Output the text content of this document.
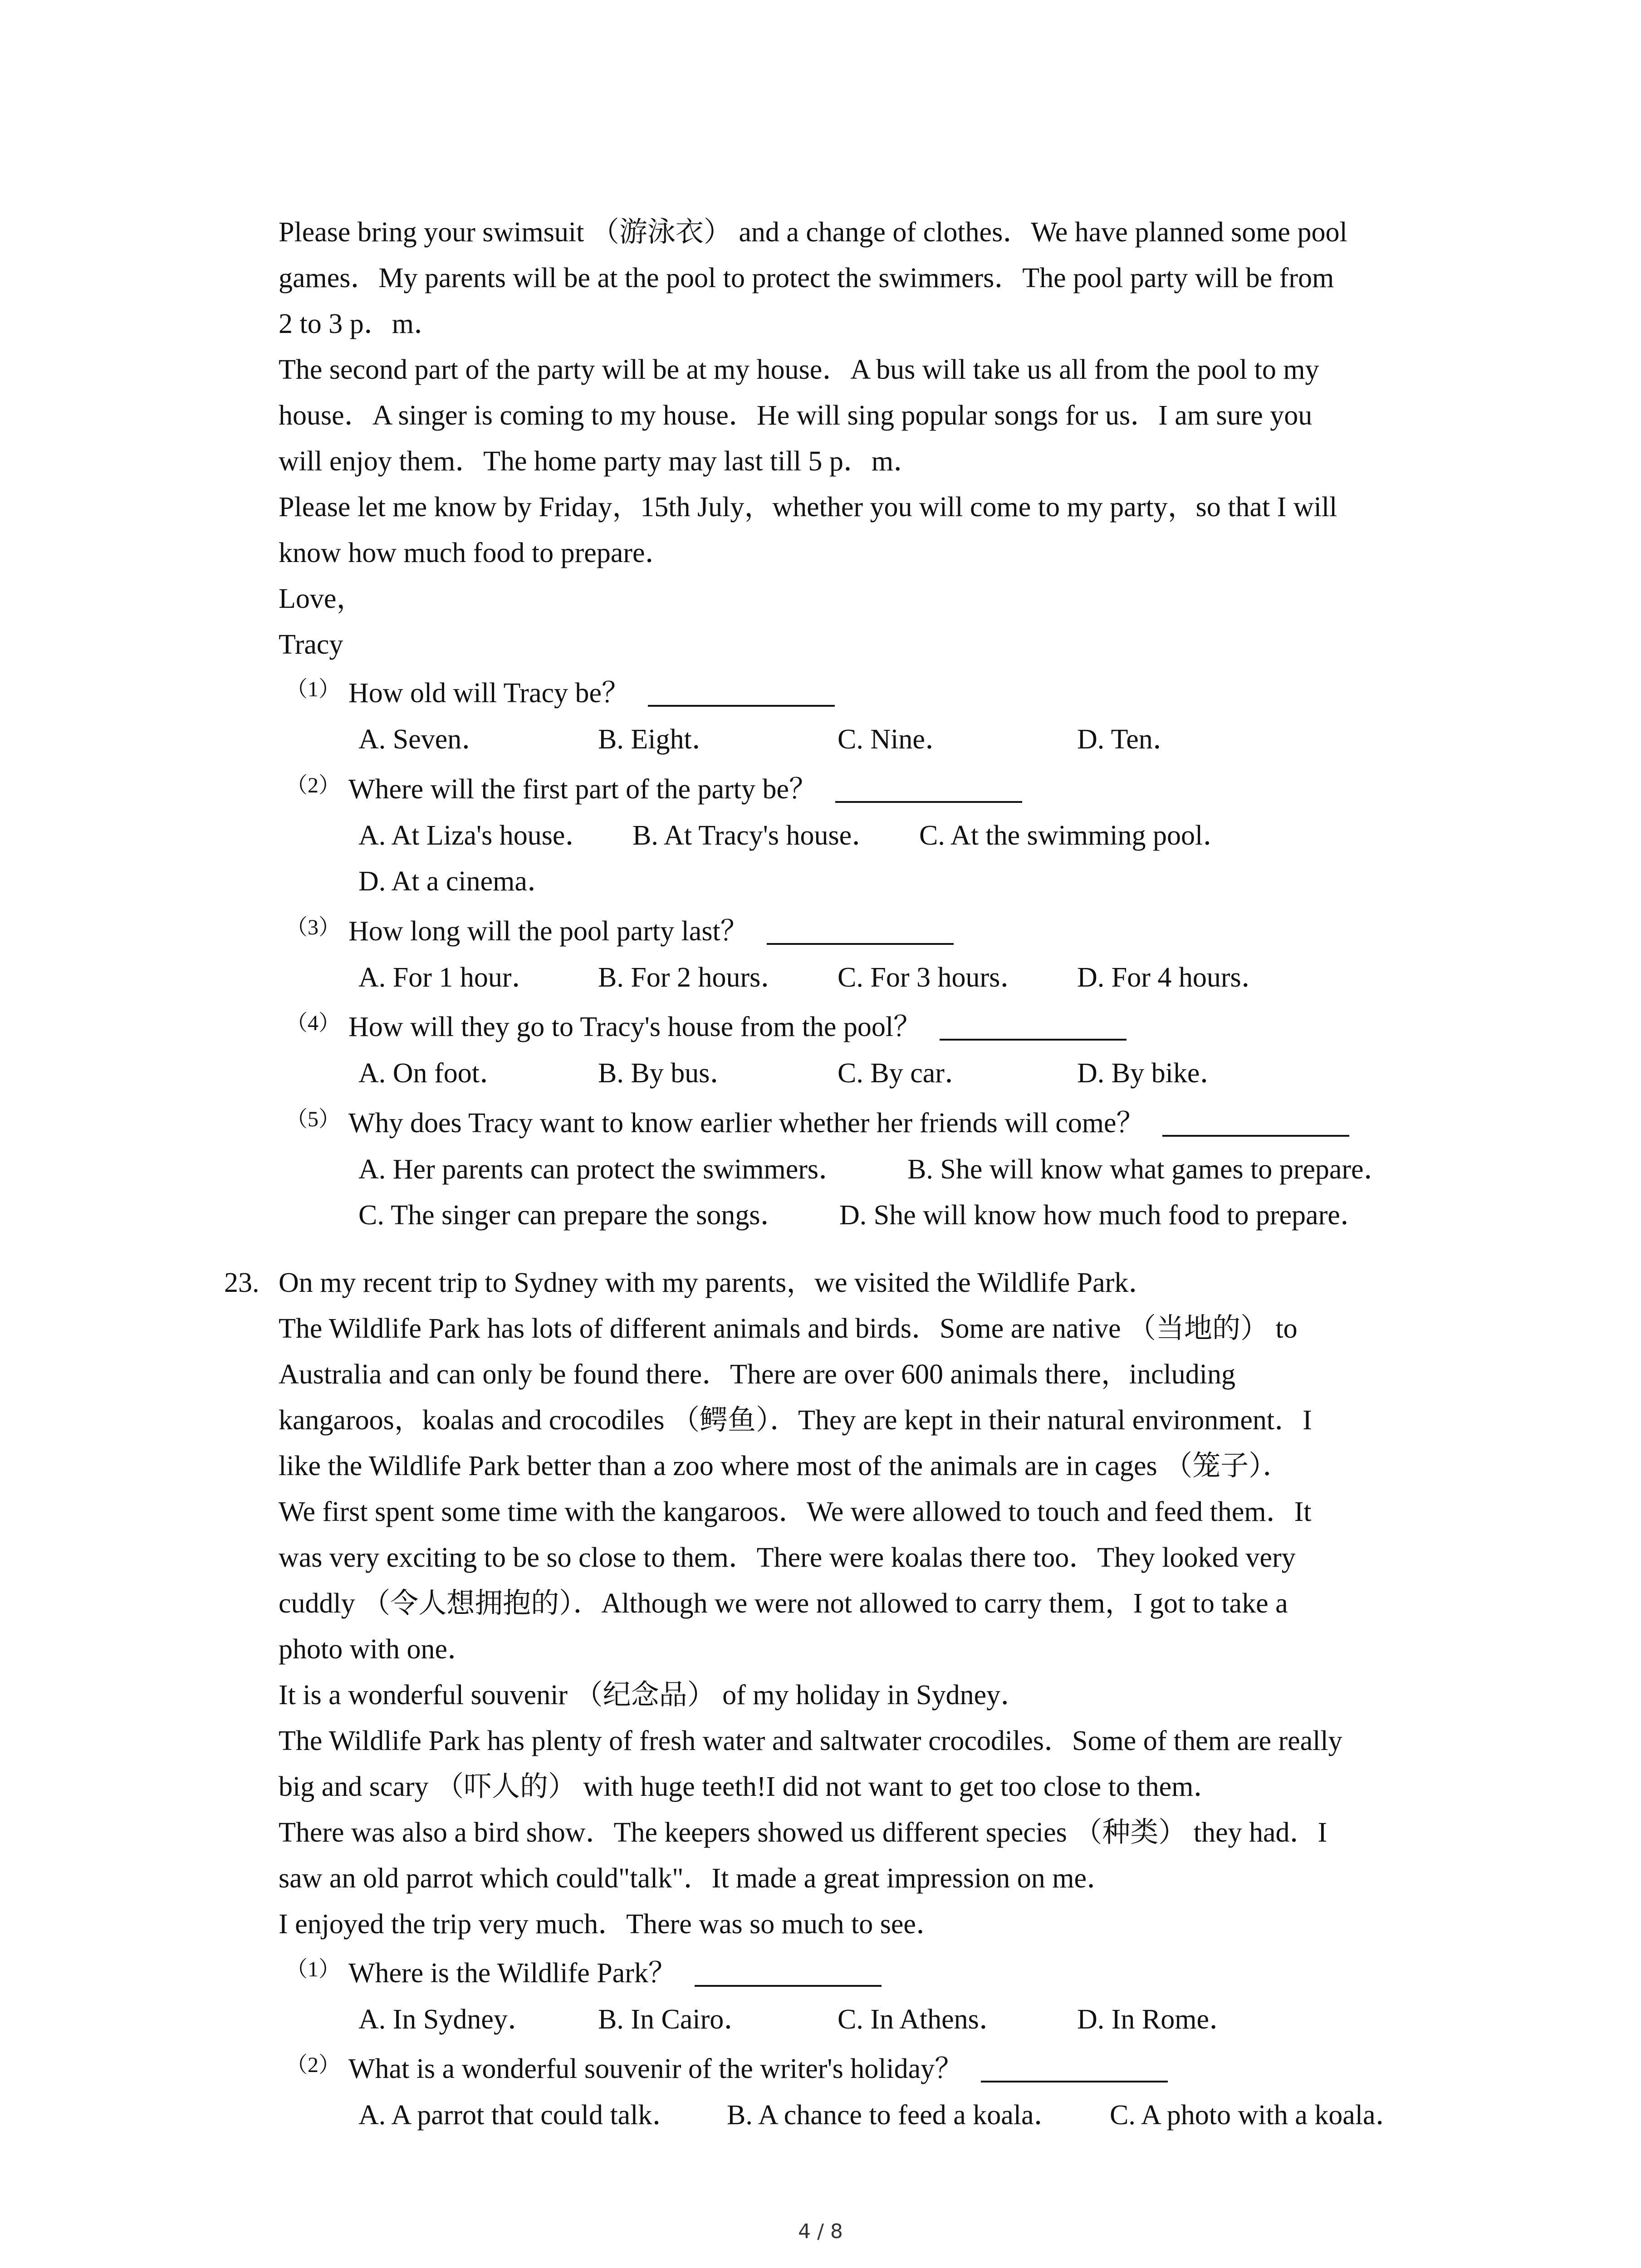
Please bring your swimsuit （游泳衣） and a change of clothes．We have planned some pool
games．My parents will be at the pool to protect the swimmers．The pool party will be from
2 to 3 p．m．
The second part of the party will be at my house．A bus will take us all from the pool to my
house．A singer is coming to my house．He will sing popular songs for us．I am sure you
will enjoy them．The home party may last till 5 p．m．
Please let me know by Friday，15th July，whether you will come to my party，so that I will
know how much food to prepare．
Love，
Tracy
（1） How old will Tracy be？
A. Seven．	B. Eight．	C. Nine．	D. Ten．
（2） Where will the first part of the party be？
A. At Liza's house． B. At Tracy's house． C. At the swimming pool．
D. At a cinema．
（3） How long will the pool party last？
A. For 1 hour． B. For 2 hours． C. For 3 hours． D. For 4 hours．
（4） How will they go to Tracy's house from the pool？
A. On foot．	B. By bus．	C. By car．	D. By bike．
（5） Why does Tracy want to know earlier whether her friends will come？
A. Her parents can protect the swimmers． B. She will know what games to prepare．
C. The singer can prepare the songs． D. She will know how much food to prepare．
23. On my recent trip to Sydney with my parents，we visited the Wildlife Park．
The Wildlife Park has lots of different animals and birds．Some are native （当地的） to
Australia and can only be found there．There are over 600 animals there，including
kangaroos，koalas and crocodiles （鳄鱼）．They are kept in their natural environment．I
like the Wildlife Park better than a zoo where most of the animals are in cages （笼子）．
We first spent some time with the kangaroos．We were allowed to touch and feed them．It
was very exciting to be so close to them．There were koalas there too．They looked very
cuddly （令人想拥抱的）．Although we were not allowed to carry them，I got to take a
photo with one．
It is a wonderful souvenir （纪念品） of my holiday in Sydney．
The Wildlife Park has plenty of fresh water and saltwater crocodiles．Some of them are really
big and scary （吓人的） with huge teeth!I did not want to get too close to them．
There was also a bird show．The keepers showed us different species （种类） they had．I
saw an old parrot which could"talk"．It made a great impression on me．
I enjoyed the trip very much．There was so much to see．
（1） Where is the Wildlife Park？
A. In Sydney． B. In Cairo．	C. In Athens． D. In Rome．
（2） What is a wonderful souvenir of the writer's holiday？
A. A parrot that could talk． B. A chance to feed a koala． C. A photo with a koala．
4 / 8
